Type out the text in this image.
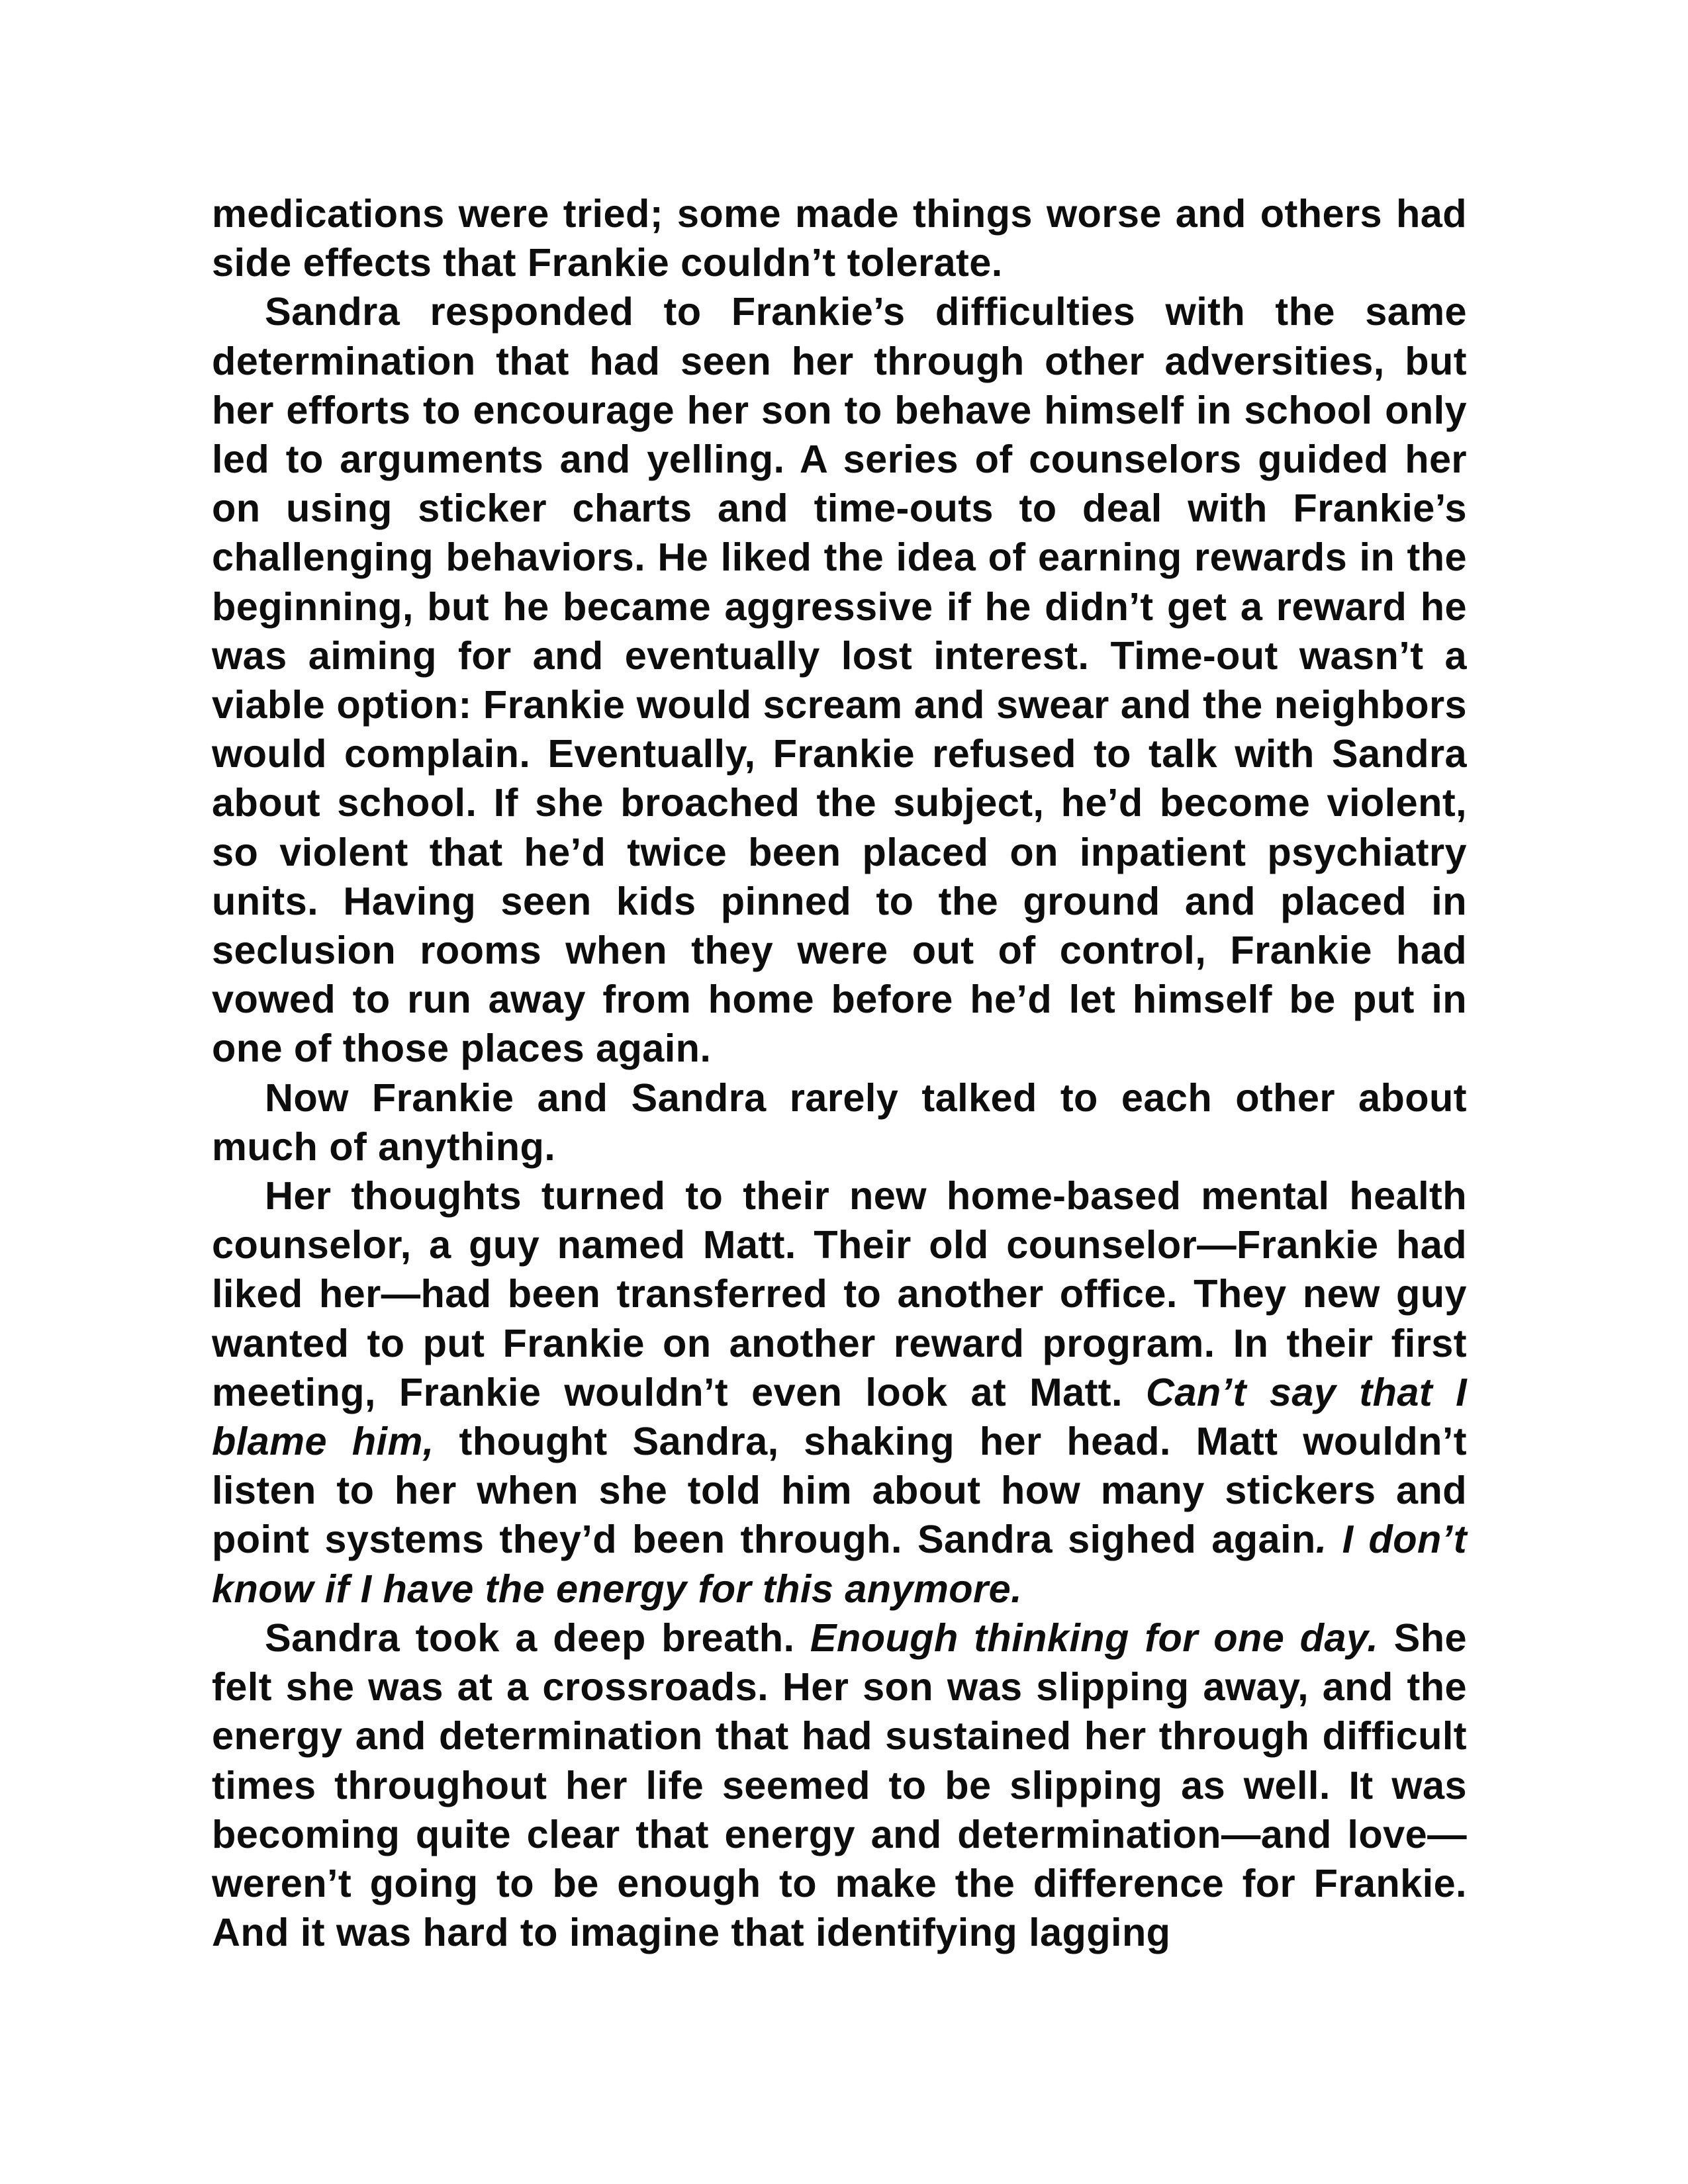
medications were tried; some made things worse and others had side effects that Frankie couldn’t tolerate.

Sandra responded to Frankie’s difficulties with the same determination that had seen her through other adversities, but her efforts to encourage her son to behave himself in school only led to arguments and yelling. A series of counselors guided her on using sticker charts and time-outs to deal with Frankie’s challenging behaviors. He liked the idea of earning rewards in the beginning, but he became aggressive if he didn’t get a reward he was aiming for and eventually lost interest. Time-out wasn’t a viable option: Frankie would scream and swear and the neighbors would complain. Eventually, Frankie refused to talk with Sandra about school. If she broached the subject, he’d become violent, so violent that he’d twice been placed on inpatient psychiatry units. Having seen kids pinned to the ground and placed in seclusion rooms when they were out of control, Frankie had vowed to run away from home before he’d let himself be put in one of those places again.

Now Frankie and Sandra rarely talked to each other about much of anything.

Her thoughts turned to their new home-based mental health counselor, a guy named Matt. Their old counselor—Frankie had liked her—had been transferred to another office. They new guy wanted to put Frankie on another reward program. In their first meeting, Frankie wouldn’t even look at Matt. Can’t say that I blame him, thought Sandra, shaking her head. Matt wouldn’t listen to her when she told him about how many stickers and point systems they’d been through. Sandra sighed again. I don’t know if I have the energy for this anymore.

Sandra took a deep breath. Enough thinking for one day. She felt she was at a crossroads. Her son was slipping away, and the energy and determination that had sustained her through difficult times throughout her life seemed to be slipping as well. It was becoming quite clear that energy and determination—and love—weren’t going to be enough to make the difference for Frankie. And it was hard to imagine that identifying lagging
